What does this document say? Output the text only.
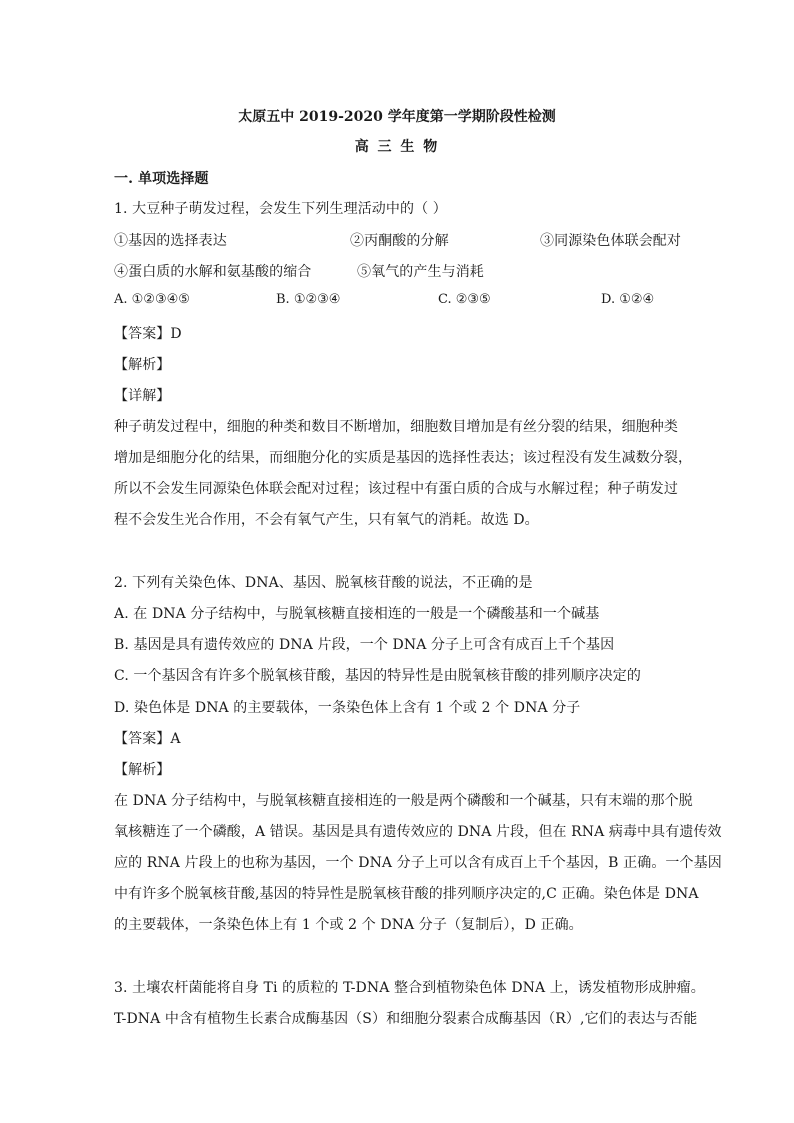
太原五中 2019-2020 学年度第一学期阶段性检测
高 三 生 物
一. 单项选择题
1. 大豆种子萌发过程，会发生下列生理活动中的（ ）
①基因的选择表达	②丙酮酸的分解	③同源染色体联会配对
④蛋白质的水解和氨基酸的缩合	⑤氧气的产生与消耗
A. ①②③④⑤	B. ①②③④	C. ②③⑤	D. ①②④
【答案】D
【解析】
【详解】
种子萌发过程中，细胞的种类和数目不断增加，细胞数目增加是有丝分裂的结果，细胞种类
增加是细胞分化的结果，而细胞分化的实质是基因的选择性表达；该过程没有发生减数分裂，
所以不会发生同源染色体联会配对过程；该过程中有蛋白质的合成与水解过程；种子萌发过
程不会发生光合作用，不会有氧气产生，只有氧气的消耗。故选 D。
2. 下列有关染色体、DNA、基因、脱氧核苷酸的说法，不正确的是
A. 在 DNA 分子结构中，与脱氧核糖直接相连的一般是一个磷酸基和一个碱基
B. 基因是具有遗传效应的 DNA 片段，一个 DNA 分子上可含有成百上千个基因
C. 一个基因含有许多个脱氧核苷酸，基因的特异性是由脱氧核苷酸的排列顺序决定的
D. 染色体是 DNA 的主要载体，一条染色体上含有 1 个或 2 个 DNA 分子
【答案】A
【解析】
在 DNA 分子结构中，与脱氧核糖直接相连的一般是两个磷酸和一个碱基，只有末端的那个脱
氧核糖连了一个磷酸，A 错误。基因是具有遗传效应的 DNA 片段，但在 RNA 病毒中具有遗传效
应的 RNA 片段上的也称为基因，一个 DNA 分子上可以含有成百上千个基因，B 正确。一个基因
中有许多个脱氧核苷酸,基因的特异性是脱氧核苷酸的排列顺序决定的,C 正确。染色体是 DNA
的主要载体，一条染色体上有 1 个或 2 个 DNA 分子（复制后），D 正确。
3. 土壤农杆菌能将自身 Ti 的质粒的 T-DNA 整合到植物染色体 DNA 上，诱发植物形成肿瘤。
T-DNA 中含有植物生长素合成酶基因（S）和细胞分裂素合成酶基因（R）,它们的表达与否能
